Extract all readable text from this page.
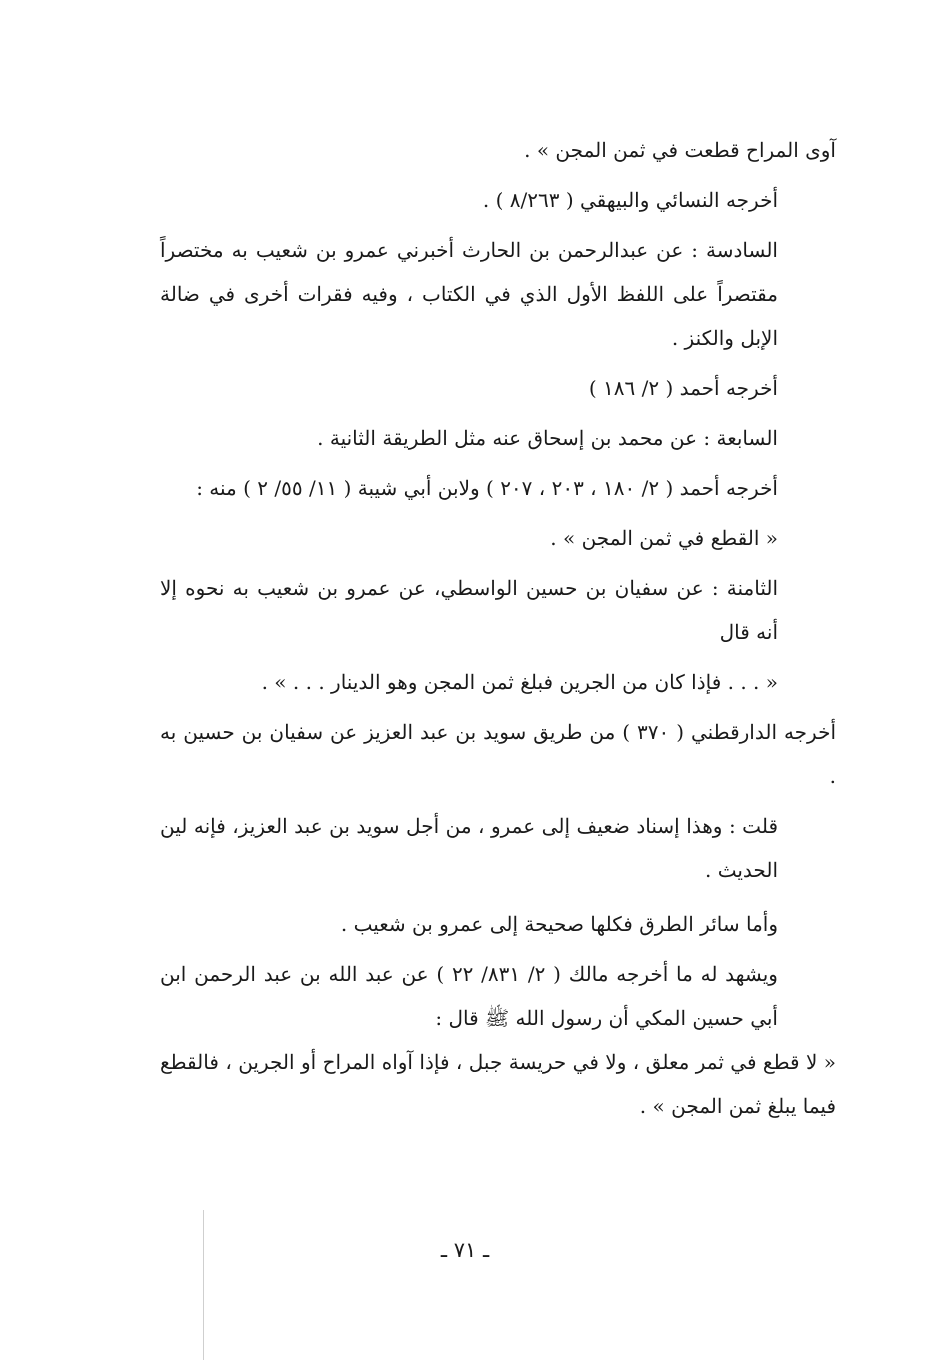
آوى المراح قطعت في ثمن المجن » .

أخرجه النسائي والبيهقي ( ٨/٢٦٣ ) .

السادسة : عن عبدالرحمن بن الحارث أخبرني عمرو بن شعيب به مختصراً مقتصراً على اللفظ الأول الذي في الكتاب ، وفيه فقرات أخرى في ضالة الإبل والكنز .

أخرجه أحمد ( ٢/ ١٨٦ )

السابعة : عن محمد بن إسحاق عنه مثل الطريقة الثانية .

أخرجه أحمد ( ٢/ ١٨٠ ، ٢٠٣ ، ٢٠٧ ) ولابن أبي شيبة ( ١١/ ٥٥/ ٢ ) منه :

« القطع في ثمن المجن » .

الثامنة : عن سفيان بن حسين الواسطي، عن عمرو بن شعيب به نحوه إلا أنه قال

« . . . فإذا كان من الجرين فبلغ ثمن المجن وهو الدينار . . . » .

أخرجه الدارقطني ( ٣٧٠ ) من طريق سويد بن عبد العزيز عن سفيان بن حسين به .

قلت : وهذا إسناد ضعيف إلى عمرو ، من أجل سويد بن عبد العزيز، فإنه لين الحديث .

وأما سائر الطرق فكلها صحيحة إلى عمرو بن شعيب .

ويشهد له ما أخرجه مالك ( ٢/ ٨٣١/ ٢٢ ) عن عبد الله بن عبد الرحمن ابن أبي حسين المكي أن رسول الله ﷺ قال :

« لا قطع في ثمر معلق ، ولا في حريسة جبل ، فإذا آواه المراح أو الجرين ، فالقطع فيما يبلغ ثمن المجن » .

ـ ٧١ ـ
